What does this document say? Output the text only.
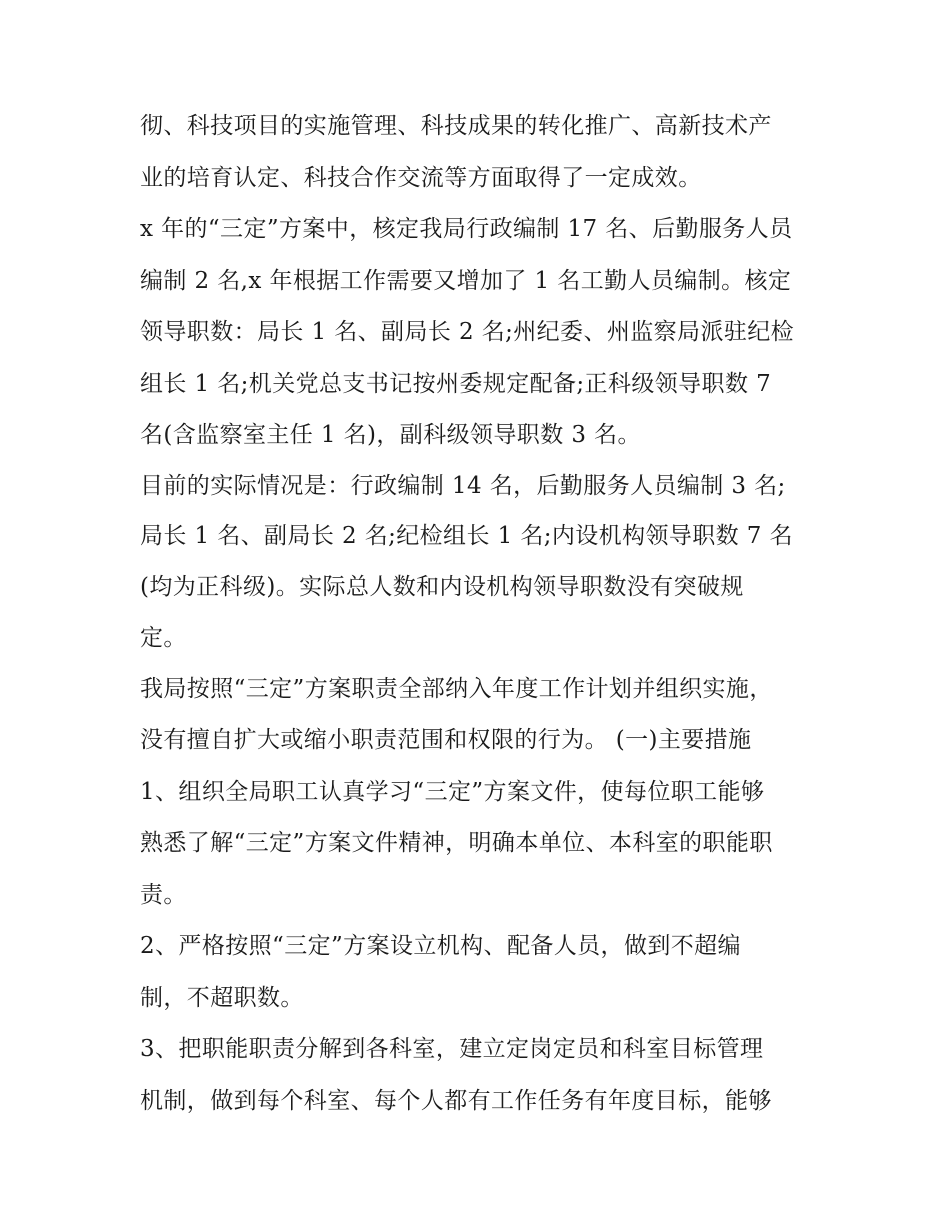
彻、科技项目的实施管理、科技成果的转化推广、高新技术产
业的培育认定、科技合作交流等方面取得了一定成效。
x 年的“三定”方案中，核定我局行政编制 17 名、后勤服务人员
编制 2 名,x 年根据工作需要又增加了 1 名工勤人员编制。核定
领导职数：局长 1 名、副局长 2 名;州纪委、州监察局派驻纪检
组长 1 名;机关党总支书记按州委规定配备;正科级领导职数 7
名(含监察室主任 1 名)，副科级领导职数 3 名。
目前的实际情况是：行政编制 14 名，后勤服务人员编制 3 名;
局长 1 名、副局长 2 名;纪检组长 1 名;内设机构领导职数 7 名
(均为正科级)。实际总人数和内设机构领导职数没有突破规
定。
我局按照“三定”方案职责全部纳入年度工作计划并组织实施，
没有擅自扩大或缩小职责范围和权限的行为。 (一)主要措施
1、组织全局职工认真学习“三定”方案文件，使每位职工能够
熟悉了解“三定”方案文件精神，明确本单位、本科室的职能职
责。
2、严格按照“三定”方案设立机构、配备人员，做到不超编
制，不超职数。
3、把职能职责分解到各科室，建立定岗定员和科室目标管理
机制，做到每个科室、每个人都有工作任务有年度目标，能够
